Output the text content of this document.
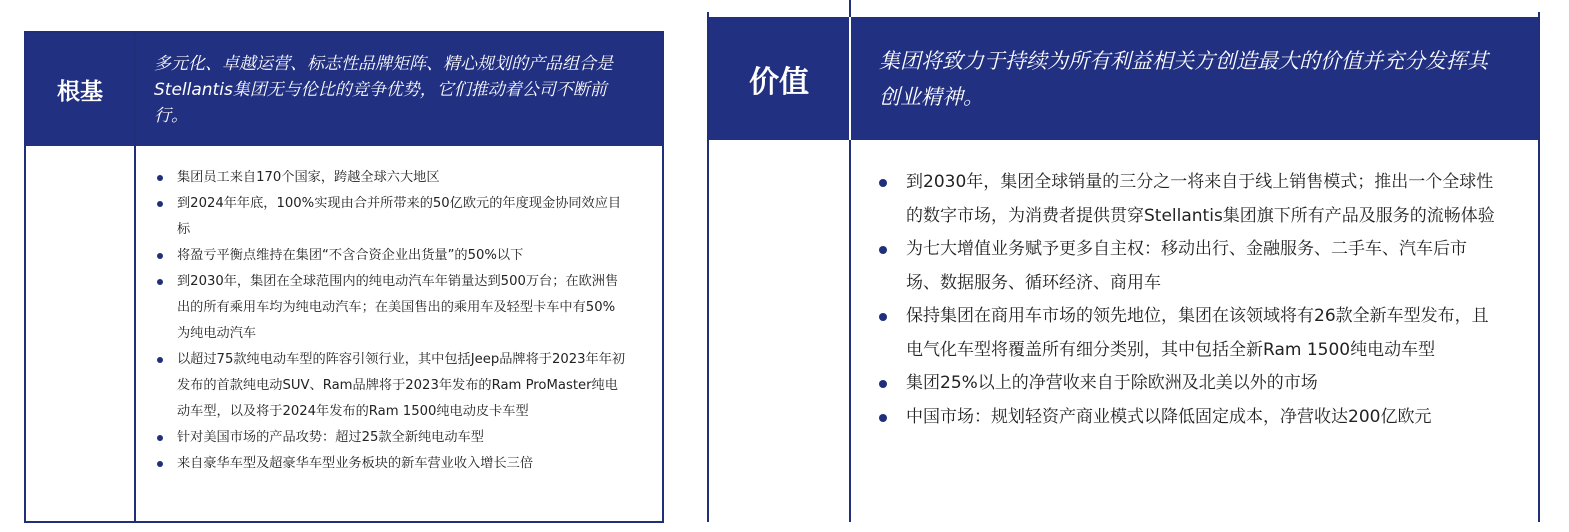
根基
多元化、卓越运营、标志性品牌矩阵、精心规划的产品组合是Stellantis集团无与伦比的竞争优势，它们推动着公司不断前行。
集团员工来自170个国家，跨越全球六大地区
到2024年年底，100%实现由合并所带来的50亿欧元的年度现金协同效应目标
将盈亏平衡点维持在集团“不含合资企业出货量”的50%以下
到2030年，集团在全球范围内的纯电动汽车年销量达到500万台；在欧洲售出的所有乘用车均为纯电动汽车；在美国售出的乘用车及轻型卡车中有50%为纯电动汽车
以超过75款纯电动车型的阵容引领行业，其中包括Jeep品牌将于2023年年初发布的首款纯电动SUV、Ram品牌将于2023年发布的Ram ProMaster纯电动车型，以及将于2024年发布的Ram 1500纯电动皮卡车型
针对美国市场的产品攻势：超过25款全新纯电动车型
来自豪华车型及超豪华车型业务板块的新车营业收入增长三倍
价值
集团将致力于持续为所有利益相关方创造最大的价值并充分发挥其创业精神。
到2030年，集团全球销量的三分之一将来自于线上销售模式；推出一个全球性的数字市场，为消费者提供贯穿Stellantis集团旗下所有产品及服务的流畅体验
为七大增值业务赋予更多自主权：移动出行、金融服务、二手车、汽车后市场、数据服务、循环经济、商用车
保持集团在商用车市场的领先地位，集团在该领域将有26款全新车型发布，且电气化车型将覆盖所有细分类别，其中包括全新Ram 1500纯电动车型
集团25%以上的净营收来自于除欧洲及北美以外的市场
中国市场：规划轻资产商业模式以降低固定成本，净营收达200亿欧元
